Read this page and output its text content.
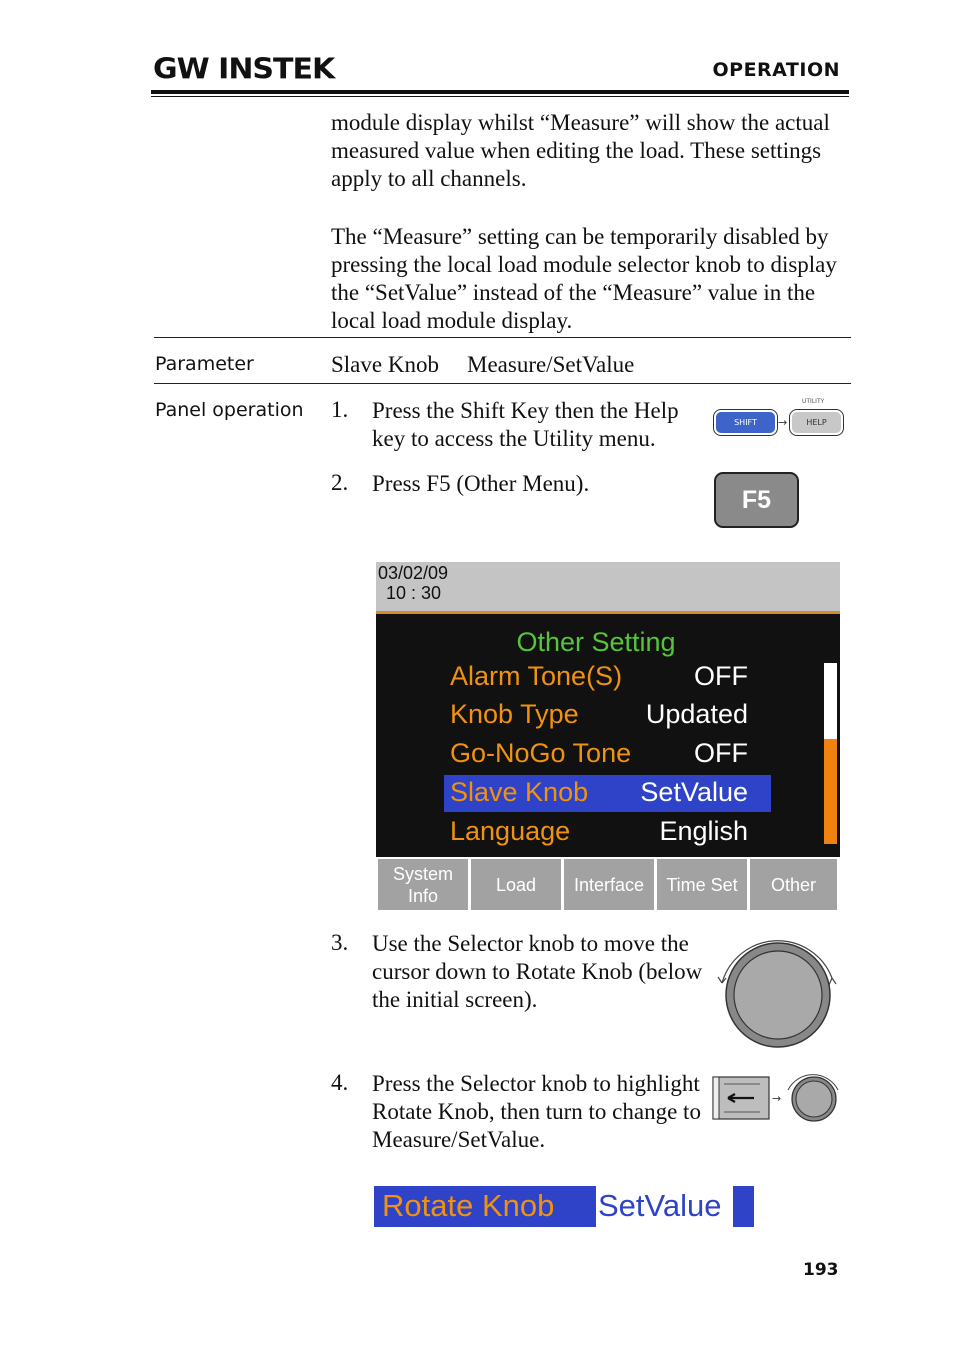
GW INSTEK	OPERATION
module display whilst “Measure” will show the actual measured value when editing the load. These settings apply to all channels.
The “Measure” setting can be temporarily disabled by pressing the local load module selector knob to display the “SetValue” instead of the “Measure” value in the local load module display.
Parameter	Slave Knob Measure/SetValue
Panel operation 1. Press the Shift Key then the Help key to access the Utility menu.
UTILITY
SHIFT	→	HELP
2. Press F5 (Other Menu).
F5
03/02/09
10 : 30
Other Setting
Alarm Tone(S)	OFF
Knob Type	Updated
Go-NoGo Tone	OFF
Slave Knob	SetValue
Language	English
System
Info
Load	Interface	Time Set	Other
3. Use the Selector knob to move the cursor down to Rotate Knob (below the initial screen).
4. Press the Selector knob to highlight Rotate Knob, then turn to change to Measure/SetValue.
→
Rotate Knob SetValue
193
